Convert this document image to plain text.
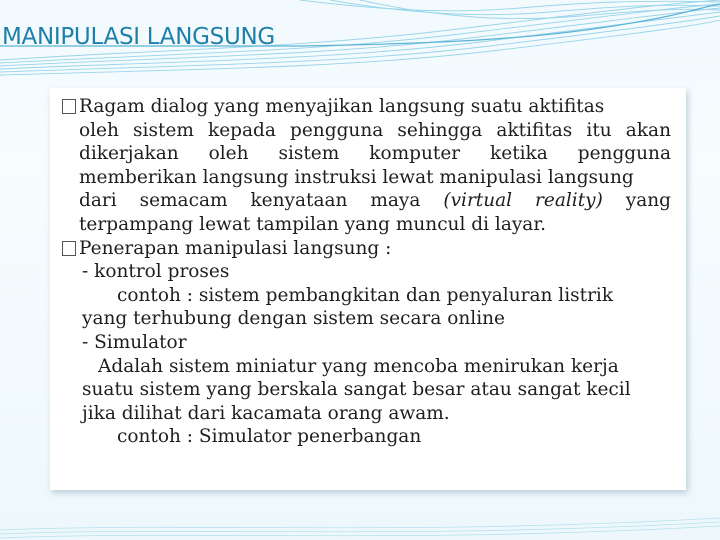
MANIPULASI LANGSUNG
Ragam dialog yang menyajikan langsung suatu aktifitas
oleh sistem kepada pengguna sehingga aktifitas itu akan
dikerjakan oleh sistem komputer ketika pengguna
memberikan langsung instruksi lewat manipulasi langsung
dari semacam kenyataan maya (virtual reality) yang
terpampang lewat tampilan yang muncul di layar.
Penerapan manipulasi langsung :
- kontrol proses
contoh : sistem pembangkitan dan penyaluran listrik
yang terhubung dengan sistem secara online
- Simulator
Adalah sistem miniatur yang mencoba menirukan kerja
suatu sistem yang berskala sangat besar atau sangat kecil
jika dilihat dari kacamata orang awam.
contoh : Simulator penerbangan
